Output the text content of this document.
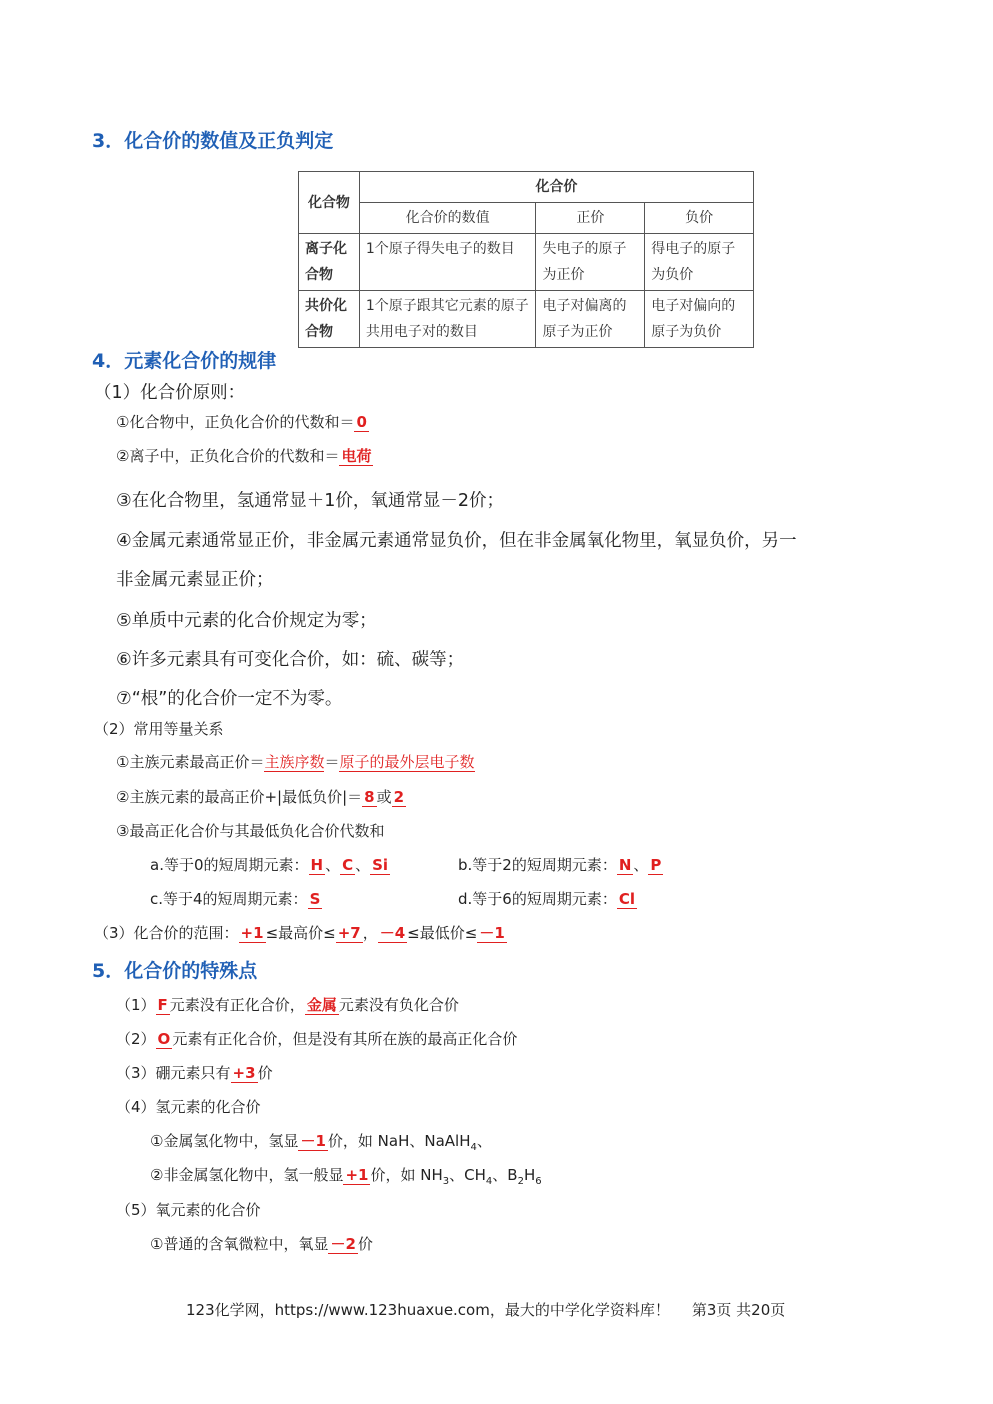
3．化合价的数值及正负判定
化合物	化合价		
	化合价的数值	正价	负价
离子化合物	1个原子得失电子的数目	失电子的原子为正价	得电子的原子为负价
共价化合物	1个原子跟其它元素的原子共用电子对的数目	电子对偏离的原子为正价	电子对偏向的原子为负价
4．元素化合价的规律
（1）化合价原则：
①化合物中，正负化合价的代数和＝ 0
②离子中，正负化合价的代数和＝ 电荷
③在化合物里，氢通常显＋1价，氧通常显－2价；
④金属元素通常显正价，非金属元素通常显负价，但在非金属氧化物里，氧显负价，另一
非金属元素显正价；
⑤单质中元素的化合价规定为零；
⑥许多元素具有可变化合价，如：硫、碳等；
⑦“根”的化合价一定不为零。
（2）常用等量关系
①主族元素最高正价＝主族序数＝原子的最外层电子数
②主族元素的最高正价+|最低负价|＝ 8 或 2
③最高正化合价与其最低负化合价代数和
a.等于0的短周期元素： H 、 C 、 Si	b.等于2的短周期元素： N 、 P
c.等于4的短周期元素： S	d.等于6的短周期元素： Cl
（3）化合价的范围： +1 ≤最高价≤ +7 ， －4 ≤最低价≤ －1
5．化合价的特殊点
（1） F 元素没有正化合价， 金属 元素没有负化合价
（2） O 元素有正化合价，但是没有其所在族的最高正化合价
（3）硼元素只有 +3 价
（4）氢元素的化合价
①金属氢化物中，氢显 －1 价，如 NaH、NaAlH$_4$、
②非金属氢化物中，氢一般显 +1 价，如 $NH_3$、$CH_4$、$B_2H_6$
（5）氧元素的化合价
①普通的含氧微粒中，氧显 －2 价
123化学网，https://www.123huaxue.com，最大的中学化学资料库！ 第3页 共20页
